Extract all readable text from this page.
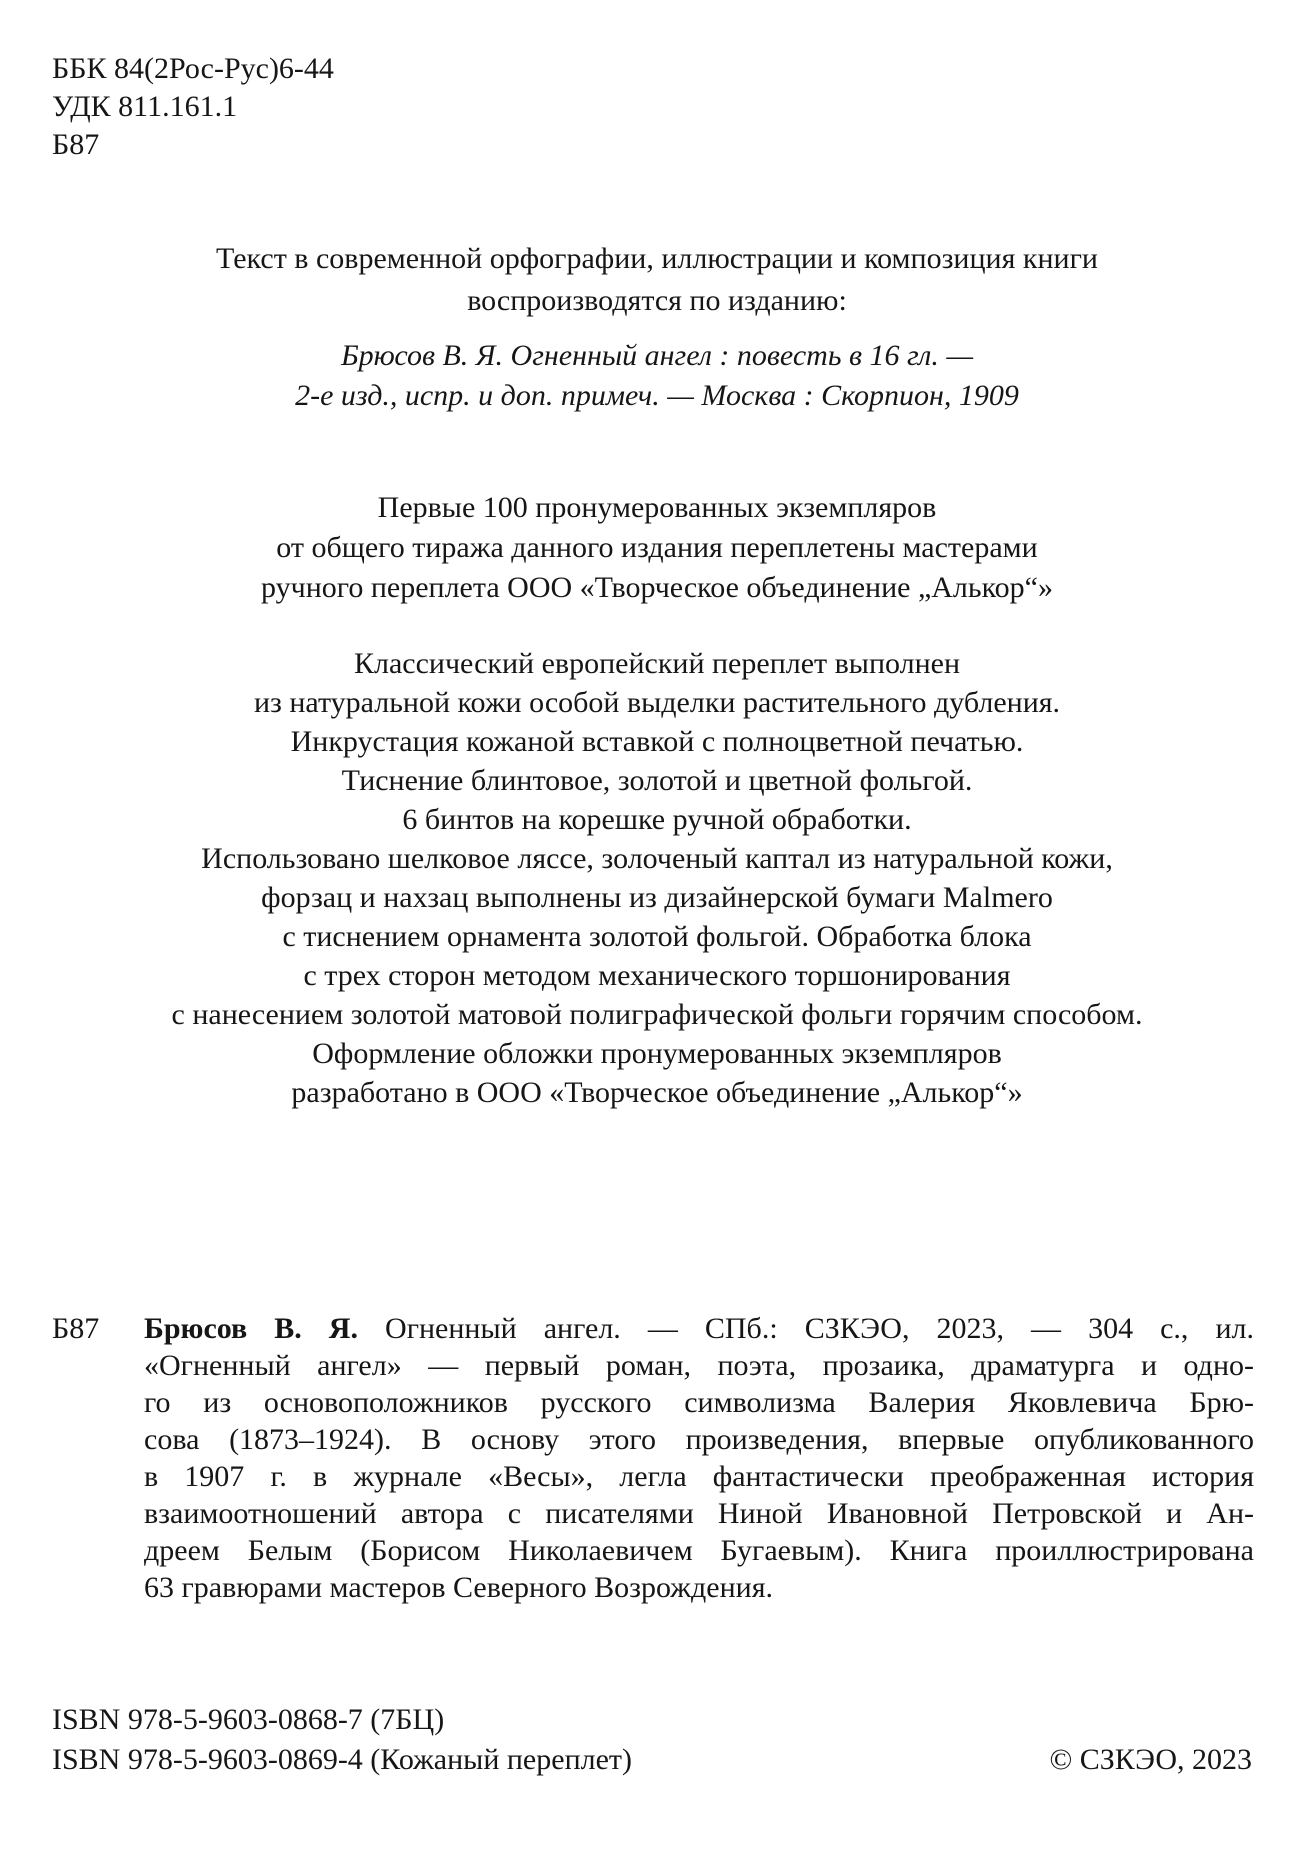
ББК 84(2Рос-Рус)6-44
УДК 811.161.1
Б87
Текст в современной орфографии, иллюстрации и композиция книги
воспроизводятся по изданию:
Брюсов В. Я. Огненный ангел : повесть в 16 гл. —
2-е изд., испр. и доп. примеч. — Москва : Скорпион, 1909
Первые 100 пронумерованных экземпляров
от общего тиража данного издания переплетены мастерами
ручного переплета ООО «Творческое объединение „Алькор“»
Классический европейский переплет выполнен
из натуральной кожи особой выделки растительного дубления.
Инкрустация кожаной вставкой с полноцветной печатью.
Тиснение блинтовое, золотой и цветной фольгой.
6 бинтов на корешке ручной обработки.
Использовано шелковое ляссе, золоченый каптал из натуральной кожи,
форзац и нахзац выполнены из дизайнерской бумаги Malmero
с тиснением орнамента золотой фольгой. Обработка блока
с трех сторон методом механического торшонирования
с нанесением золотой матовой полиграфической фольги горячим способом.
Оформление обложки пронумерованных экземпляров
разработано в ООО «Творческое объединение „Алькор“»
Б87 Брюсов В. Я. Огненный ангел. — СПб.: СЗКЭО, 2023, — 304 с., ил.
«Огненный ангел» — первый роман, поэта, прозаика, драматурга и одно-
го из основоположников русского символизма Валерия Яковлевича Брю-
сова (1873–1924). В основу этого произведения, впервые опубликованного
в 1907 г. в журнале «Весы», легла фантастически преображенная история
взаимоотношений автора с писателями Ниной Ивановной Петровской и Ан-
дреем Белым (Борисом Николаевичем Бугаевым). Книга проиллюстрирована
63 гравюрами мастеров Северного Возрождения.
ISBN 978-5-9603-0868-7 (7БЦ)
ISBN 978-5-9603-0869-4 (Кожаный переплет)	© СЗКЭО, 2023
